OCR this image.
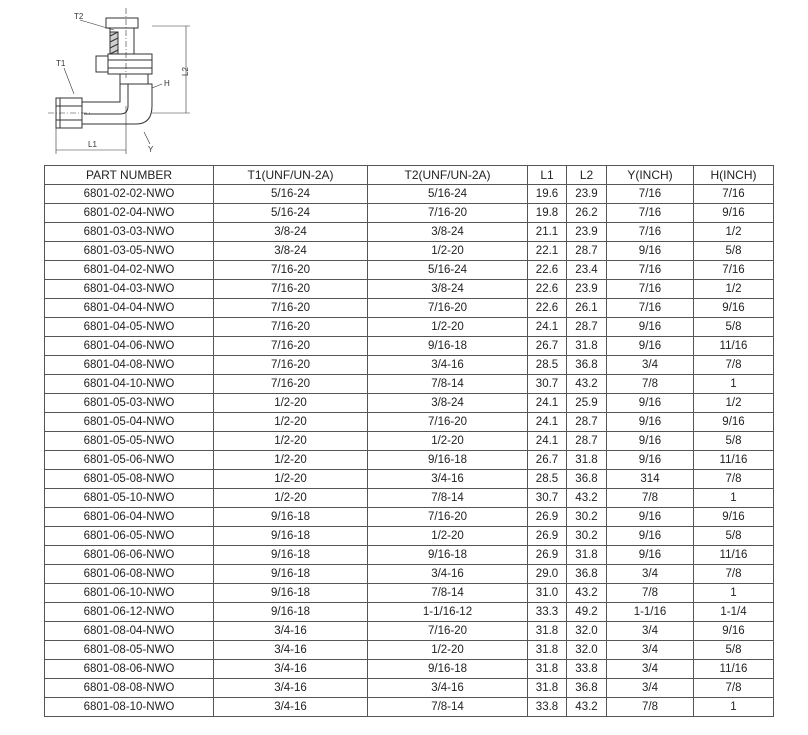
T2
T1
L2
H
Y
L1
PART NUMBER	T1(UNF/UN-2A)	T2(UNF/UN-2A)	L1	L2	Y(INCH)	H(INCH)
6801-02-02-NWO	5/16-24	5/16-24	19.6	23.9	7/16	7/16
6801-02-04-NWO	5/16-24	7/16-20	19.8	26.2	7/16	9/16
6801-03-03-NWO	3/8-24	3/8-24	21.1	23.9	7/16	1/2
6801-03-05-NWO	3/8-24	1/2-20	22.1	28.7	9/16	5/8
6801-04-02-NWO	7/16-20	5/16-24	22.6	23.4	7/16	7/16
6801-04-03-NWO	7/16-20	3/8-24	22.6	23.9	7/16	1/2
6801-04-04-NWO	7/16-20	7/16-20	22.6	26.1	7/16	9/16
6801-04-05-NWO	7/16-20	1/2-20	24.1	28.7	9/16	5/8
6801-04-06-NWO	7/16-20	9/16-18	26.7	31.8	9/16	11/16
6801-04-08-NWO	7/16-20	3/4-16	28.5	36.8	3/4	7/8
6801-04-10-NWO	7/16-20	7/8-14	30.7	43.2	7/8	1
6801-05-03-NWO	1/2-20	3/8-24	24.1	25.9	9/16	1/2
6801-05-04-NWO	1/2-20	7/16-20	24.1	28.7	9/16	9/16
6801-05-05-NWO	1/2-20	1/2-20	24.1	28.7	9/16	5/8
6801-05-06-NWO	1/2-20	9/16-18	26.7	31.8	9/16	11/16
6801-05-08-NWO	1/2-20	3/4-16	28.5	36.8	314	7/8
6801-05-10-NWO	1/2-20	7/8-14	30.7	43.2	7/8	1
6801-06-04-NWO	9/16-18	7/16-20	26.9	30.2	9/16	9/16
6801-06-05-NWO	9/16-18	1/2-20	26.9	30.2	9/16	5/8
6801-06-06-NWO	9/16-18	9/16-18	26.9	31.8	9/16	11/16
6801-06-08-NWO	9/16-18	3/4-16	29.0	36.8	3/4	7/8
6801-06-10-NWO	9/16-18	7/8-14	31.0	43.2	7/8	1
6801-06-12-NWO	9/16-18	1-1/16-12	33.3	49.2	1-1/16	1-1/4
6801-08-04-NWO	3/4-16	7/16-20	31.8	32.0	3/4	9/16
6801-08-05-NWO	3/4-16	1/2-20	31.8	32.0	3/4	5/8
6801-08-06-NWO	3/4-16	9/16-18	31.8	33.8	3/4	11/16
6801-08-08-NWO	3/4-16	3/4-16	31.8	36.8	3/4	7/8
6801-08-10-NWO	3/4-16	7/8-14	33.8	43.2	7/8	1
